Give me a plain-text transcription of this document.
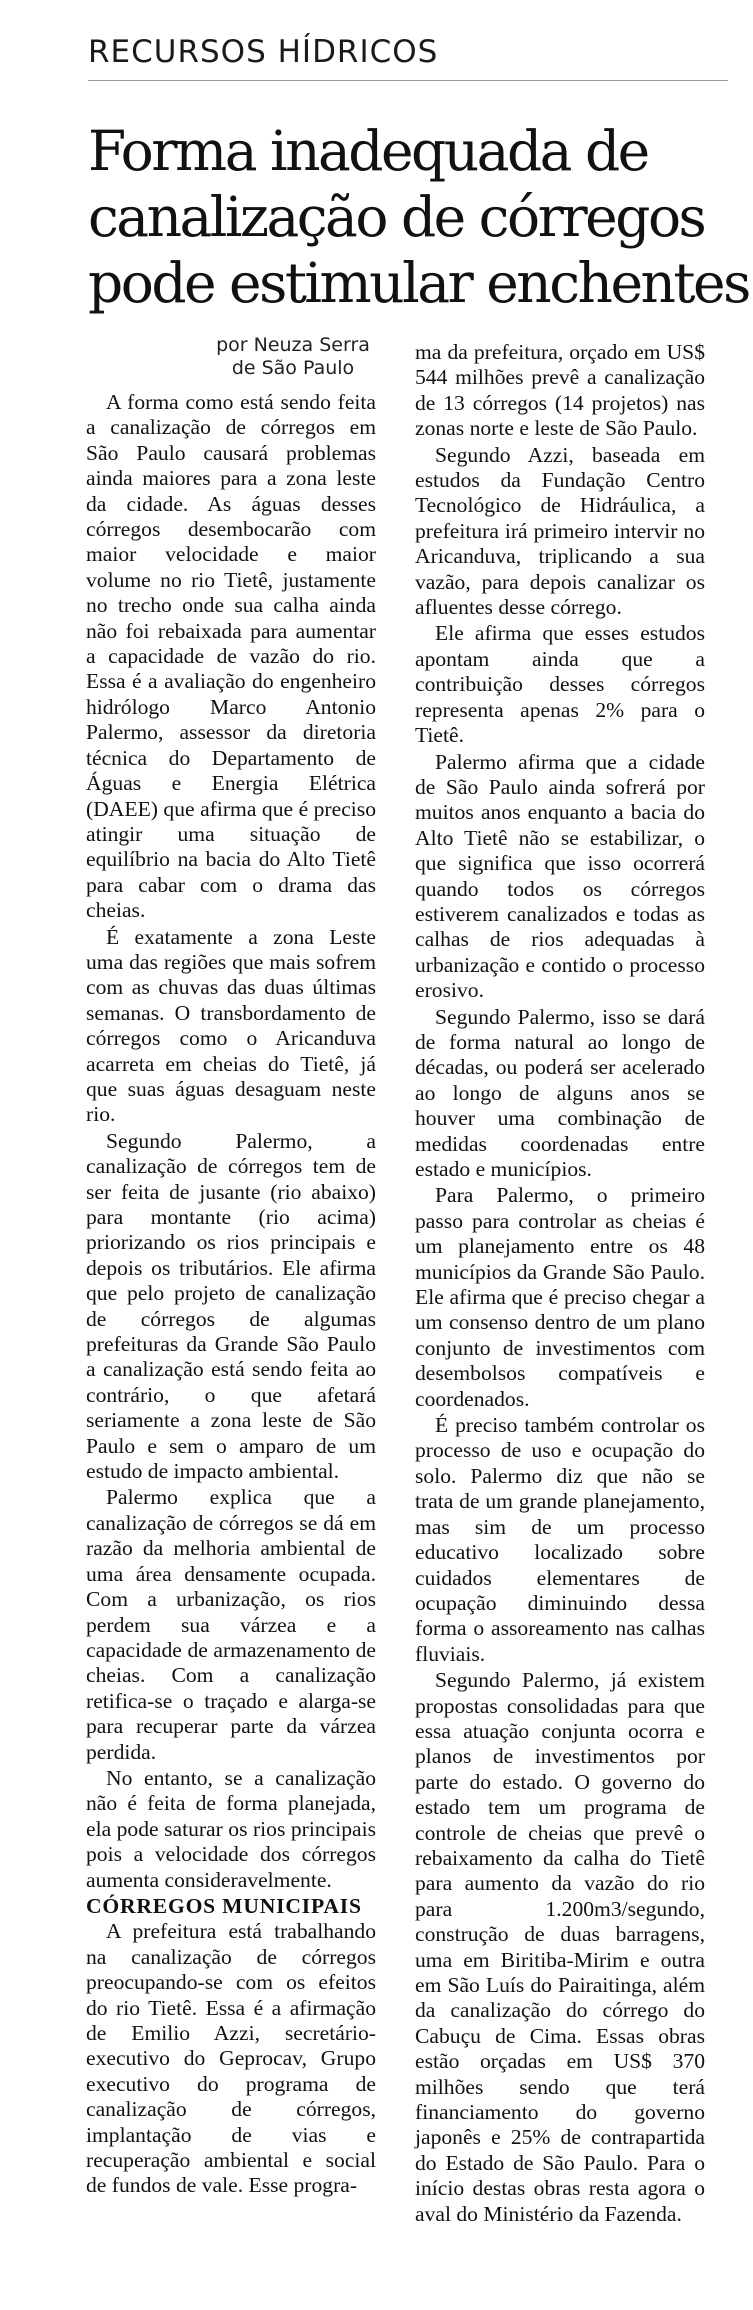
RECURSOS HÍDRICOS
Forma inadequada de
canalização de córregos
pode estimular enchentes
por Neuza Serra
de São Paulo

A forma como está sendo feita a canalização de córregos em São Paulo causará problemas ainda maiores para a zona leste da cidade. As águas desses córregos desembocarão com maior velocidade e maior volume no rio Tietê, justamente no trecho onde sua calha ainda não foi rebaixada para aumentar a capacidade de vazão do rio. Essa é a avaliação do engenheiro hidrólogo Marco Antonio Palermo, assessor da diretoria técnica do Departamento de Águas e Energia Elétrica (DAEE) que afirma que é preciso atingir uma situação de equilíbrio na bacia do Alto Tietê para cabar com o drama das cheias.

É exatamente a zona Leste uma das regiões que mais sofrem com as chuvas das duas últimas semanas. O transbordamento de córregos como o Aricanduva acarreta em cheias do Tietê, já que suas águas desaguam neste rio.

Segundo Palermo, a canalização de córregos tem de ser feita de jusante (rio abaixo) para montante (rio acima) priorizando os rios principais e depois os tributários. Ele afirma que pelo projeto de canalização de córregos de algumas prefeituras da Grande São Paulo a canalização está sendo feita ao contrário, o que afetará seriamente a zona leste de São Paulo e sem o amparo de um estudo de impacto ambiental.

Palermo explica que a canalização de córregos se dá em razão da melhoria ambiental de uma área densamente ocupada. Com a urbanização, os rios perdem sua várzea e a capacidade de armazenamento de cheias. Com a canalização retifica-se o traçado e alarga-se para recuperar parte da várzea perdida.

No entanto, se a canalização não é feita de forma planejada, ela pode saturar os rios principais pois a velocidade dos córregos aumenta consideravelmente.

CÓRREGOS MUNICIPAIS

A prefeitura está trabalhando na canalização de córregos preocupando-se com os efeitos do rio Tietê. Essa é a afirmação de Emilio Azzi, secretário-executivo do Geprocav, Grupo executivo do programa de canalização de córregos, implantação de vias e recuperação ambiental e social de fundos de vale. Esse progra-

ma da prefeitura, orçado em US$ 544 milhões prevê a canalização de 13 córregos (14 projetos) nas zonas norte e leste de São Paulo.

Segundo Azzi, baseada em estudos da Fundação Centro Tecnológico de Hidráulica, a prefeitura irá primeiro intervir no Aricanduva, triplicando a sua vazão, para depois canalizar os afluentes desse córrego.

Ele afirma que esses estudos apontam ainda que a contribuição desses córregos representa apenas 2% para o Tietê.

Palermo afirma que a cidade de São Paulo ainda sofrerá por muitos anos enquanto a bacia do Alto Tietê não se estabilizar, o que significa que isso ocorrerá quando todos os córregos estiverem canalizados e todas as calhas de rios adequadas à urbanização e contido o processo erosivo.

Segundo Palermo, isso se dará de forma natural ao longo de décadas, ou poderá ser acelerado ao longo de alguns anos se houver uma combinação de medidas coordenadas entre estado e municípios.

Para Palermo, o primeiro passo para controlar as cheias é um planejamento entre os 48 municípios da Grande São Paulo. Ele afirma que é preciso chegar a um consenso dentro de um plano conjunto de investimentos com desembolsos compatíveis e coordenados.

É preciso também controlar os processo de uso e ocupação do solo. Palermo diz que não se trata de um grande planejamento, mas sim de um processo educativo localizado sobre cuidados elementares de ocupação diminuindo dessa forma o assoreamento nas calhas fluviais.

Segundo Palermo, já existem propostas consolidadas para que essa atuação conjunta ocorra e planos de investimentos por parte do estado. O governo do estado tem um programa de controle de cheias que prevê o rebaixamento da calha do Tietê para aumento da vazão do rio para 1.200m3/segundo, construção de duas barragens, uma em Biritiba-Mirim e outra em São Luís do Pairaitinga, além da canalização do córrego do Cabuçu de Cima. Essas obras estão orçadas em US$ 370 milhões sendo que terá financiamento do governo japonês e 25% de contrapartida do Estado de São Paulo. Para o início destas obras resta agora o aval do Ministério da Fazenda.
